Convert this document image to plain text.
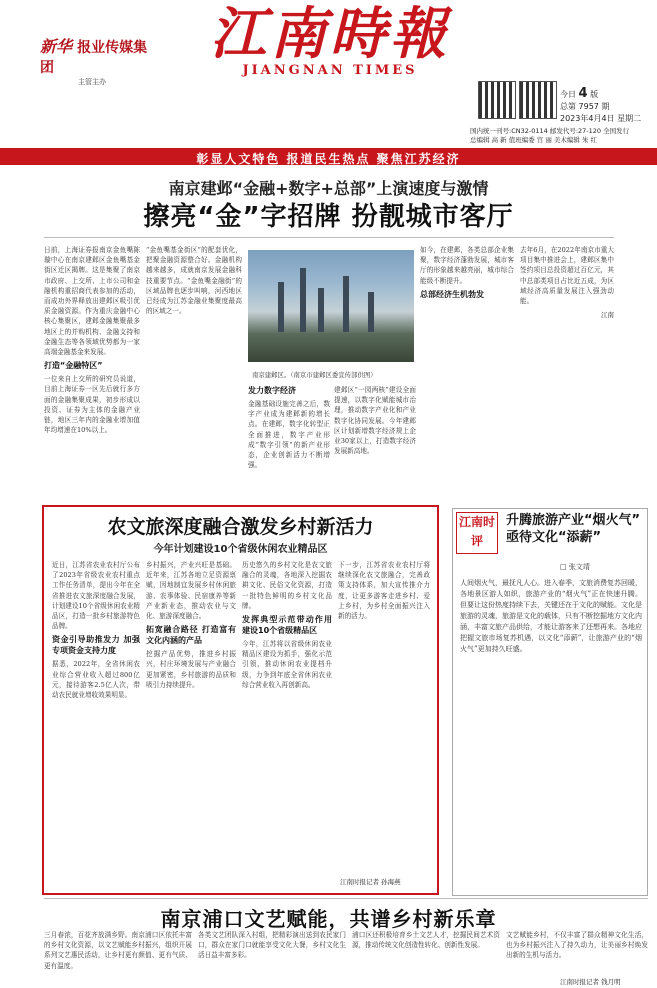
新华 报业传媒集团
主管主办
江南時報
JIANGNAN TIMES
今日 4 版
总第 7957 期
2023年4月4日 星期二
国内统一刊号:CN32-0114 邮发代号:27-120 全国发行
总编辑 高 新 值班编委 宫 丽 美术编辑 朱 红
彰显人文特色 报道民生热点 聚焦江苏经济
南京建邺“金融+数字+总部”上演速度与激情
擦亮“金”字招牌 扮靓城市客厅
日前，上海证券报南京金鱼嘴陈璇中心在南京建邺区金鱼嘴基金街区迁区揭牌。这是集聚了南京市政府、上交所、上市公司和金融机构重招商代表参加的活动，而成功外界释放出建邺区吸引优质金融资源。作为重庆金融中心核心集聚区，建邺金融集聚最多地区上的并购机构、金融支持和金融生态等各领域优势都为一家高端金融基金来发展。
打造“金融特区”
一位来自上交所的研究员说道，目前上海证券一区先后就行多方面的金融集聚成果，初步形成以投资、证券为主体的金融产业链，地区三年内的金融业增加值年均增速在10%以上。
“金鱼嘴基金街区”的配套优化，把聚金融资源整合好。金融机构越来越多，成就南京发展金融科技重要节点。“金鱼嘴金融街”的区域品牌也逐步叫响，河西地区已经成为江苏金融业集聚度最高的区域之一。
南京建邺区。（南京市建邺区委宣传部供图）
发力数字经济
金融基础设施完善之后，数字产业成为建邺新的增长点。在建邺，数字化转型正全面推进，数字产业形成“数字引领”的新产业形态，企业创新活力不断增强。
建邺区“一园两核”建设全面提速，以数字化赋能城市治理，推动数字产业化和产业数字化协同发展。今年建邺区计划新增数字经济规上企业30家以上，打造数字经济发展新高地。
如今，在建邺，各类总部企业集聚，数字经济蓬勃发展，城市客厅的形象越来越亮丽，城市综合能级不断提升。
总部经济生机勃发
去年6月，在2022年南京市重大项目集中推进会上，建邺区集中签约项目总投资超过百亿元，其中总部类项目占比近五成，为区域经济高质量发展注入强劲动能。
江南
农文旅深度融合激发乡村新活力
今年计划建设10个省级休闲农业精品区
近日，江苏省农业农村厅公布了2023年省级农业农村重点工作任务清单，提出今年在全省推进农文旅深度融合发展，计划建设10个省级休闲农业精品区，打造一批乡村旅游特色品牌。
资金引导助推发力 加强专项资金支持力度
据悉，2022年，全省休闲农业综合营业收入超过800亿元，接待游客2.5亿人次，带动农民就业增收效果明显。
乡村振兴，产业兴旺是基础。近年来，江苏各地立足资源禀赋，因地制宜发展乡村休闲旅游、农事体验、民宿康养等新产业新业态，推动农业与文化、旅游深度融合。
拓宽融合路径 打造富有文化内涵的产品
挖掘产品优势，推进乡村振兴，村庄环境发展与产业融合更加紧密，乡村旅游的品质和吸引力持续提升。
历史悠久的乡村文化是农文旅融合的灵魂，各地深入挖掘农耕文化、民俗文化资源，打造一批特色鲜明的乡村文化品牌。
发挥典型示范带动作用 建设10个省级精品区
今年，江苏将以省级休闲农业精品区建设为抓手，强化示范引领，推动休闲农业提档升级，力争到年底全省休闲农业综合营业收入再创新高。
下一步，江苏省农业农村厅将继续深化农文旅融合，完善政策支持体系，加大宣传推介力度，让更多游客走进乡村、爱上乡村，为乡村全面振兴注入新的活力。
江南时报记者 孙海燕
江南时评
升腾旅游产业“烟火气” 亟待文化“添薪”
□ 张文靖
人间烟火气，最抚凡人心。进入春季，文旅消费复苏回暖，各地景区游人如织，旅游产业的“烟火气”正在快速升腾。但要让这份热度持续下去，关键还在于文化的赋能。文化是旅游的灵魂，旅游是文化的载体，只有不断挖掘地方文化内涵，丰富文旅产品供给，才能让游客来了还想再来。各地应把握文旅市场复苏机遇，以文化“添薪”，让旅游产业的“烟火气”更加持久旺盛。
南京浦口文艺赋能，共谱乡村新乐章
三月春浓，百花齐放满乡野。南京浦口区依托丰富的乡村文化资源，以文艺赋能乡村振兴，组织开展系列文艺惠民活动，让乡村更有颜值、更有气质、更有温度。
各类文艺团队深入村组，把精彩演出送到农民家门口，群众在家门口就能享受文化大餐，乡村文化生活日益丰富多彩。
浦口区还积极培育乡土文艺人才，挖掘民间艺术资源，推动传统文化创造性转化、创新性发展。
文艺赋能乡村，不仅丰富了群众精神文化生活，也为乡村振兴注入了持久动力，让美丽乡村焕发出新的生机与活力。
江南时报记者 钱月明
